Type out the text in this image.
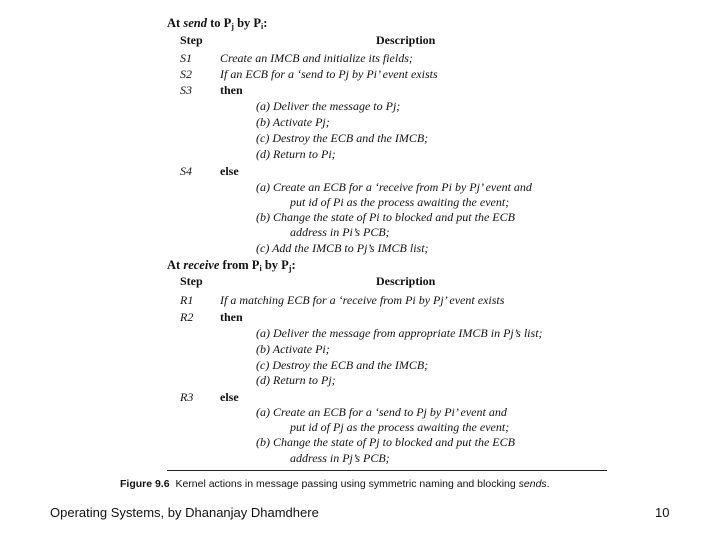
At send to $P_j$ by $P_i$:
Step	Description
S1 Create an IMCB and initialize its fields;
S2 If an ECB for a ‘send to Pj by Pi’ event exists
S3 then
(a) Deliver the message to Pj;
(b) Activate Pj;
(c) Destroy the ECB and the IMCB;
(d) Return to Pi;
S4 else
(a) Create an ECB for a ‘receive from Pi by Pj’ event and
put id of Pi as the process awaiting the event;
(b) Change the state of Pi to blocked and put the ECB
address in Pi’s PCB;
(c) Add the IMCB to Pj’s IMCB list;
At receive from $P_i$ by $P_j$:
Step	Description
R1 If a matching ECB for a ‘receive from Pi by Pj’ event exists
R2 then
(a) Deliver the message from appropriate IMCB in Pj’s list;
(b) Activate Pi;
(c) Destroy the ECB and the IMCB;
(d) Return to Pj;
R3 else
(a) Create an ECB for a ‘send to Pj by Pi’ event and
put id of Pj as the process awaiting the event;
(b) Change the state of Pj to blocked and put the ECB
address in Pj’s PCB;
Figure 9.6 Kernel actions in message passing using symmetric naming and blocking sends.
Operating Systems, by Dhananjay Dhamdhere	10
